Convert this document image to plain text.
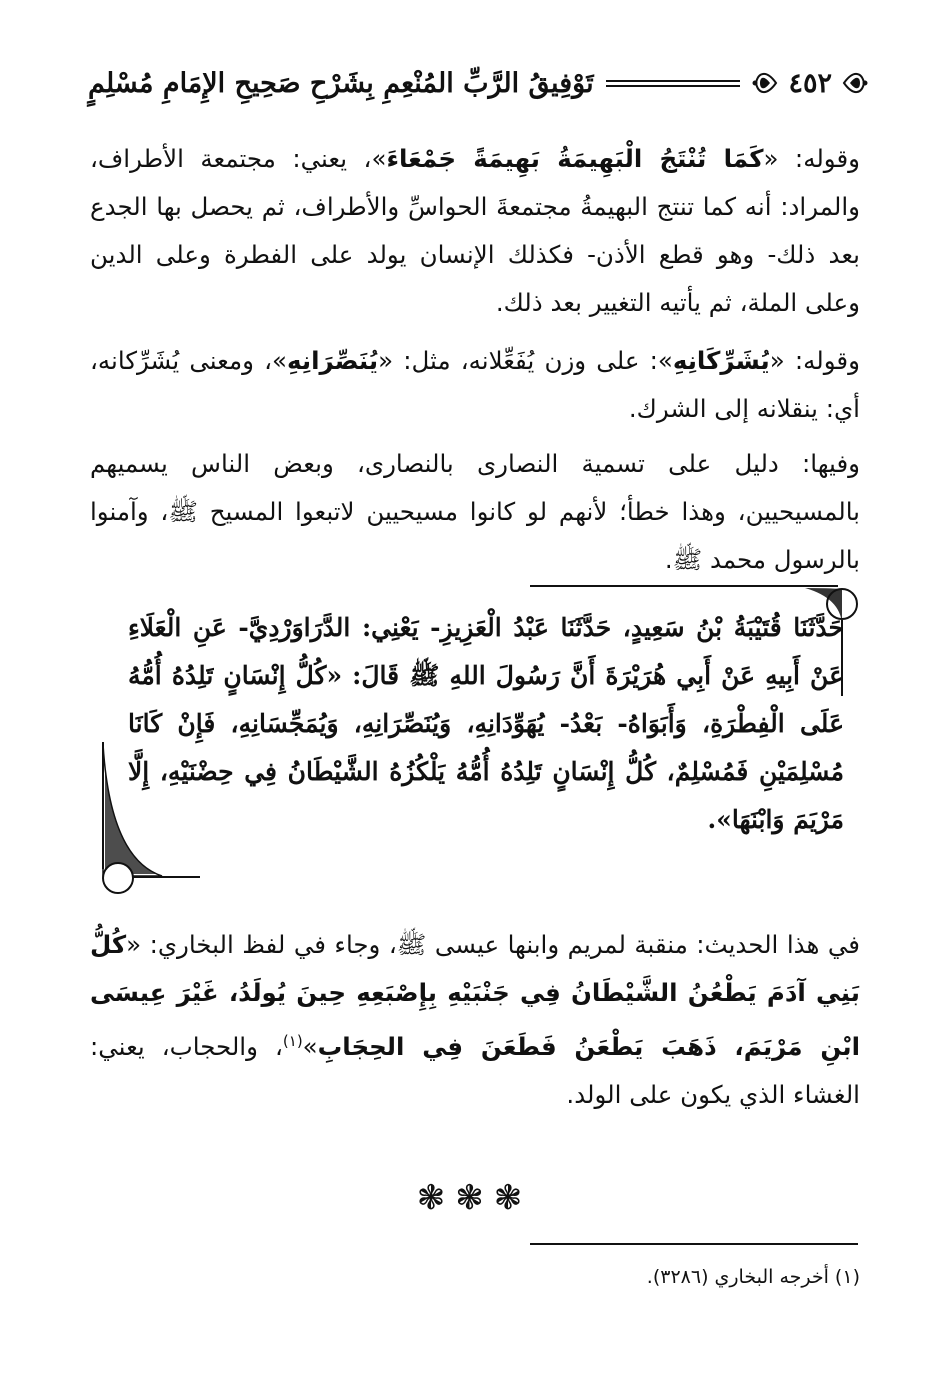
٤٥٢
تَوْفِيقُ الرَّبِّ المُنْعِمِ بِشَرْحِ صَحِيحِ الإِمَامِ مُسْلِمٍ

وقوله: «كَمَا تُنْتَجُ الْبَهِيمَةُ بَهِيمَةً جَمْعَاءَ»، يعني: مجتمعة الأطراف، والمراد: أنه كما تنتج البهيمةُ مجتمعةَ الحواسِّ والأطراف، ثم يحصل بها الجدع بعد ذلك- وهو قطع الأذن- فكذلك الإنسان يولد على الفطرة وعلى الدين وعلى الملة، ثم يأتيه التغيير بعد ذلك.

وقوله: «يُشَرِّكَانِهِ»: على وزن يُفَعِّلانه، مثل: «يُنَصِّرَانِهِ»، ومعنى يُشَرِّكانه، أي: ينقلانه إلى الشرك.

وفيها: دليل على تسمية النصارى بالنصارى، وبعض الناس يسميهم بالمسيحيين، وهذا خطأ؛ لأنهم لو كانوا مسيحيين لاتبعوا المسيح ﷺ، وآمنوا بالرسول محمد ﷺ.

حَدَّثَنَا قُتَيْبَةُ بْنُ سَعِيدٍ، حَدَّثَنَا عَبْدُ الْعَزِيزِ- يَعْنِي: الدَّرَاوَرْدِيَّ- عَنِ الْعَلَاءِ عَنْ أَبِيهِ عَنْ أَبِي هُرَيْرَةَ أَنَّ رَسُولَ اللهِ ﷺ قَالَ: «كُلُّ إِنْسَانٍ تَلِدُهُ أُمُّهُ عَلَى الْفِطْرَةِ، وَأَبَوَاهُ- بَعْدُ- يُهَوِّدَانِهِ، وَيُنَصِّرَانِهِ، وَيُمَجِّسَانِهِ، فَإِنْ كَانَا مُسْلِمَيْنِ فَمُسْلِمٌ، كُلُّ إِنْسَانٍ تَلِدُهُ أُمُّهُ يَلْكُزُهُ الشَّيْطَانُ فِي حِضْنَيْهِ، إِلَّا مَرْيَمَ وَابْنَهَا».

في هذا الحديث: منقبة لمريم وابنها عيسى ﷺ، وجاء في لفظ البخاري: «كُلُّ بَنِي آدَمَ يَطْعُنُ الشَّيْطَانُ فِي جَنْبَيْهِ بِإِصْبَعِهِ حِينَ يُولَدُ، غَيْرَ عِيسَى ابْنِ مَرْيَمَ، ذَهَبَ يَطْعَنُ فَطَعَنَ فِي الحِجَابِ»$^{(١)}$، والحجاب، يعني: الغشاء الذي يكون على الولد.

❃❃❃
(١) أخرجه البخاري (٣٢٨٦).
